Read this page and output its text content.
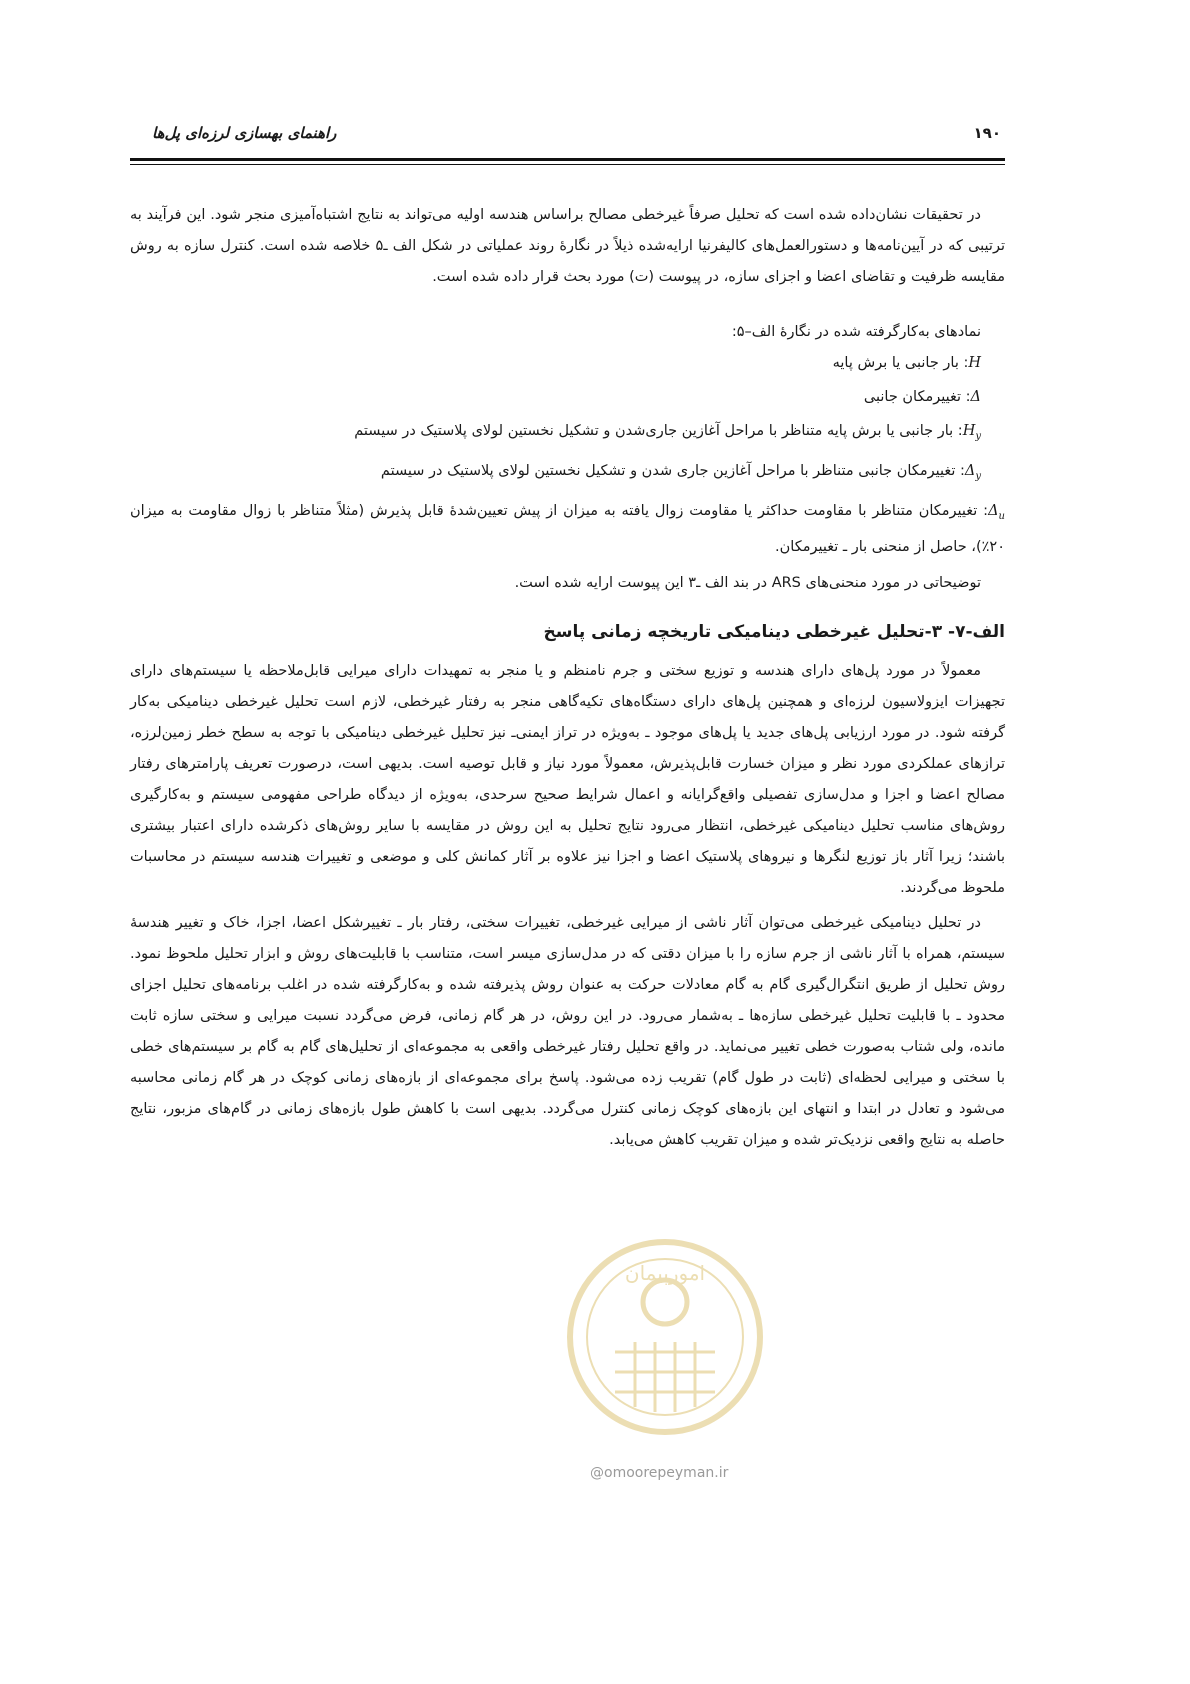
راهنمای بهسازی لرزه‌ای پل‌ها	۱۹۰

در تحقیقات نشان‌داده شده است که تحلیل صرفاً غیرخطی مصالح براساس هندسه اولیه می‌تواند به نتایج اشتباه‌آمیزی منجر شود. این فرآیند به ترتیبی که در آیین‌نامه‌ها و دستورالعمل‌های کالیفرنیا ارایه‌شده ذیلاً در نگارهٔ روند عملیاتی در شکل الف ـ۵ خلاصه شده است. کنترل سازه به روش مقایسه ظرفیت و تقاضای اعضا و اجزای سازه، در پیوست (ت) مورد بحث قرار داده شده است.

نمادهای به‌کارگرفته شده در نگارهٔ الف–۵:
H: بار جانبی یا برش پایه
Δ: تغییرمکان جانبی
$H_y$: بار جانبی یا برش پایه متناظر با مراحل آغازین جاری‌شدن و تشکیل نخستین لولای پلاستیک در سیستم
$\Delta_y$: تغییرمکان جانبی متناظر با مراحل آغازین جاری شدن و تشکیل نخستین لولای پلاستیک در سیستم
$\Delta_u$: تغییرمکان متناظر با مقاومت حداکثر یا مقاومت زوال یافته به میزان از پیش تعیین‌شدهٔ قابل پذیرش (مثلاً متناظر با زوال مقاومت به میزان ۲۰٪)، حاصل از منحنی بار ـ تغییرمکان.
توضیحاتی در مورد منحنی‌های ARS در بند الف ـ۳ این پیوست ارایه شده است.
الف-۷- ۳-تحلیل غیرخطی دینامیکی تاریخچه زمانی پاسخ

معمولاً در مورد پل‌های دارای هندسه و توزیع سختی و جرم نامنظم و یا منجر به تمهیدات دارای میرایی قابل‌ملاحظه یا سیستم‌های دارای تجهیزات ایزولاسیون لرزه‌ای و همچنین پل‌های دارای دستگاه‌های تکیه‌گاهی منجر به رفتار غیرخطی، لازم است تحلیل غیرخطی دینامیکی به‌کار گرفته شود. در مورد ارزیابی پل‌های جدید یا پل‌های موجود ـ به‌ویژه در تراز ایمنی‌ـ نیز تحلیل غیرخطی دینامیکی با توجه به سطح خطر زمین‌لرزه، ترازهای عملکردی مورد نظر و میزان خسارت قابل‌پذیرش، معمولاً مورد نیاز و قابل توصیه است. بدیهی است، درصورت تعریف پارامترهای رفتار مصالح اعضا و اجزا و مدل‌سازی تفصیلی واقع‌گرایانه و اعمال شرایط صحیح سرحدی، به‌ویژه از دیدگاه طراحی مفهومی سیستم و به‌کارگیری روش‌های مناسب تحلیل دینامیکی غیرخطی، انتظار می‌رود نتایج تحلیل به این روش در مقایسه با سایر روش‌های ذکرشده دارای اعتبار بیشتری باشند؛ زیرا آثار باز توزیع لنگرها و نیروهای پلاستیک اعضا و اجزا نیز علاوه بر آثار کمانش کلی و موضعی و تغییرات هندسه سیستم در محاسبات ملحوظ می‌گردند.

در تحلیل دینامیکی غیرخطی می‌توان آثار ناشی از میرایی غیرخطی، تغییرات سختی، رفتار بار ـ تغییرشکل اعضا، اجزا، خاک و تغییر هندسهٔ سیستم، همراه با آثار ناشی از جرم سازه را با میزان دقتی که در مدل‌سازی میسر است، متناسب با قابلیت‌های روش و ابزار تحلیل ملحوظ نمود. روش تحلیل از طریق انتگرال‌گیری گام به گام معادلات حرکت به عنوان روش پذیرفته شده و به‌کارگرفته شده در اغلب برنامه‌های تحلیل اجزای محدود ـ با قابلیت تحلیل غیرخطی سازه‌ها ـ به‌شمار می‌رود. در این روش، در هر گام زمانی، فرض می‌گردد نسبت میرایی و سختی سازه ثابت مانده، ولی شتاب به‌صورت خطی تغییر می‌نماید. در واقع تحلیل رفتار غیرخطی واقعی به مجموعه‌ای از تحلیل‌های گام به گام بر سیستم‌های خطی با سختی و میرایی لحظه‌ای (ثابت در طول گام) تقریب زده می‌شود. پاسخ برای مجموعه‌ای از بازه‌های زمانی کوچک در هر گام زمانی محاسبه می‌شود و تعادل در ابتدا و انتهای این بازه‌های کوچک زمانی کنترل می‌گردد. بدیهی است با کاهش طول بازه‌های زمانی در گام‌های مزبور، نتایج حاصله به نتایج واقعی نزدیک‌تر شده و میزان تقریب کاهش می‌یابد.

امورپیمان
@omoorepeyman.ir
